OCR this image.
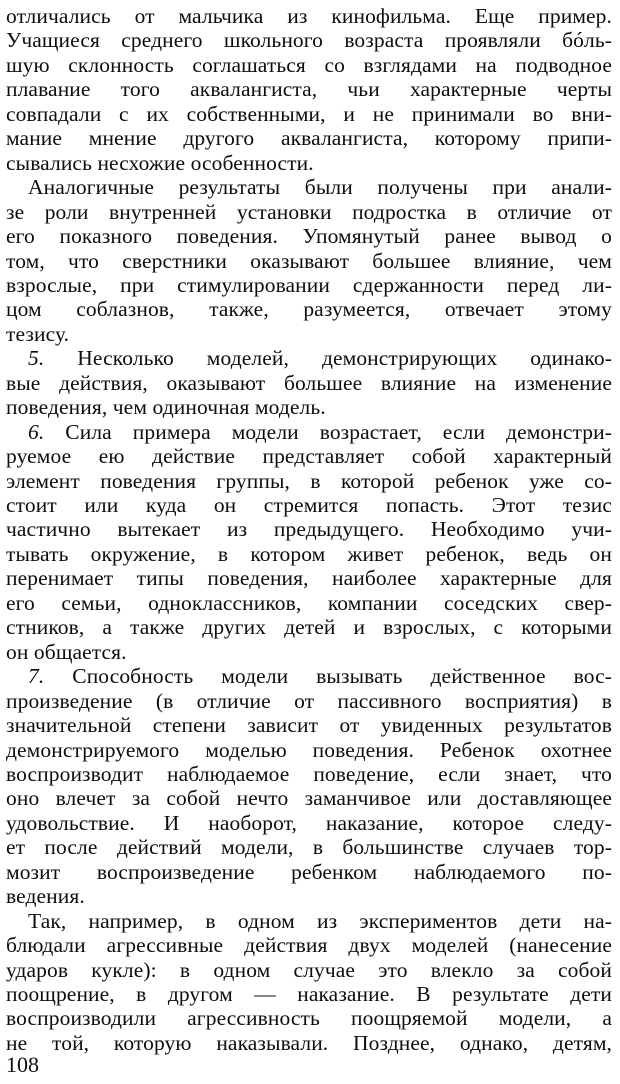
отличались от мальчика из кинофильма. Еще пример.
Учащиеся среднего школьного возраста проявляли бóль-
шую склонность соглашаться со взглядами на подводное
плавание того аквалангиста, чьи характерные черты
совпадали с их собственными, и не принимали во вни-
мание мнение другого аквалангиста, которому припи-
сывались несхожие особенности.
Аналогичные результаты были получены при анали-
зе роли внутренней установки подростка в отличие от
его показного поведения. Упомянутый ранее вывод о
том, что сверстники оказывают большее влияние, чем
взрослые, при стимулировании сдержанности перед ли-
цом соблазнов, также, разумеется, отвечает этому
тезису.
5. Несколько моделей, демонстрирующих одинако-
вые действия, оказывают большее влияние на изменение
поведения, чем одиночная модель.
6. Сила примера модели возрастает, если демонстри-
руемое ею действие представляет собой характерный
элемент поведения группы, в которой ребенок уже со-
стоит или куда он стремится попасть. Этот тезис
частично вытекает из предыдущего. Необходимо учи-
тывать окружение, в котором живет ребенок, ведь он
перенимает типы поведения, наиболее характерные для
его семьи, одноклассников, компании соседских свер-
стников, а также других детей и взрослых, с которыми
он общается.
7. Способность модели вызывать действенное вос-
произведение (в отличие от пассивного восприятия) в
значительной степени зависит от увиденных результатов
демонстрируемого моделью поведения. Ребенок охотнее
воспроизводит наблюдаемое поведение, если знает, что
оно влечет за собой нечто заманчивое или доставляющее
удовольствие. И наоборот, наказание, которое следу-
ет после действий модели, в большинстве случаев тор-
мозит воспроизведение ребенком наблюдаемого по-
ведения.
Так, например, в одном из экспериментов дети на-
блюдали агрессивные действия двух моделей (нанесение
ударов кукле): в одном случае это влекло за собой
поощрение, в другом — наказание. В результате дети
воспроизводили агрессивность поощряемой модели, а
не той, которую наказывали. Позднее, однако, детям,
108
